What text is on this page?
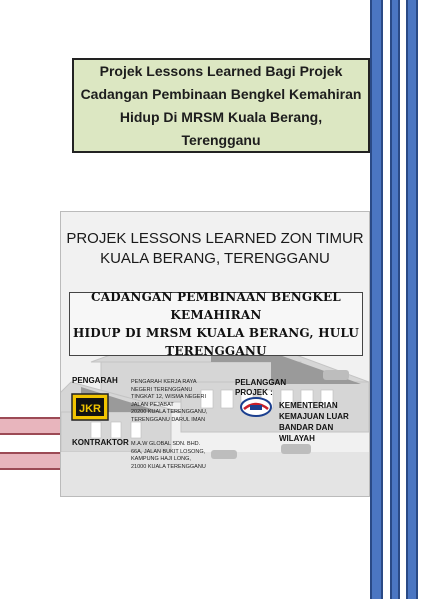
Projek Lessons Learned Bagi Projek
Cadangan Pembinaan Bengkel Kemahiran
Hidup Di MRSM Kuala Berang, Terengganu
PROJEK LESSONS LEARNED ZON TIMUR
KUALA BERANG, TERENGGANU
CADANGAN PEMBINAAN BENGKEL KEMAHIRAN
HIDUP DI MRSM KUALA BERANG, HULU
TERENGGANU
PENGARAH
JKR
PENGARAH KERJA RAYA
NEGERI TERENGGANU
TINGKAT 12, WISMA NEGERI
JALAN PEJABAT
20200 KUALA TERENGGANU,
TERENGGANU DARUL IMAN
PELANGGAN
PROJEK :
KEMENTERIAN
KEMAJUAN LUAR
BANDAR DAN
WILAYAH
KONTRAKTOR M.A.W GLOBAL SDN. BHD.
66A, JALAN BUKIT LOSONG,
KAMPUNG HAJI LONG,
21000 KUALA TERENGGANU
